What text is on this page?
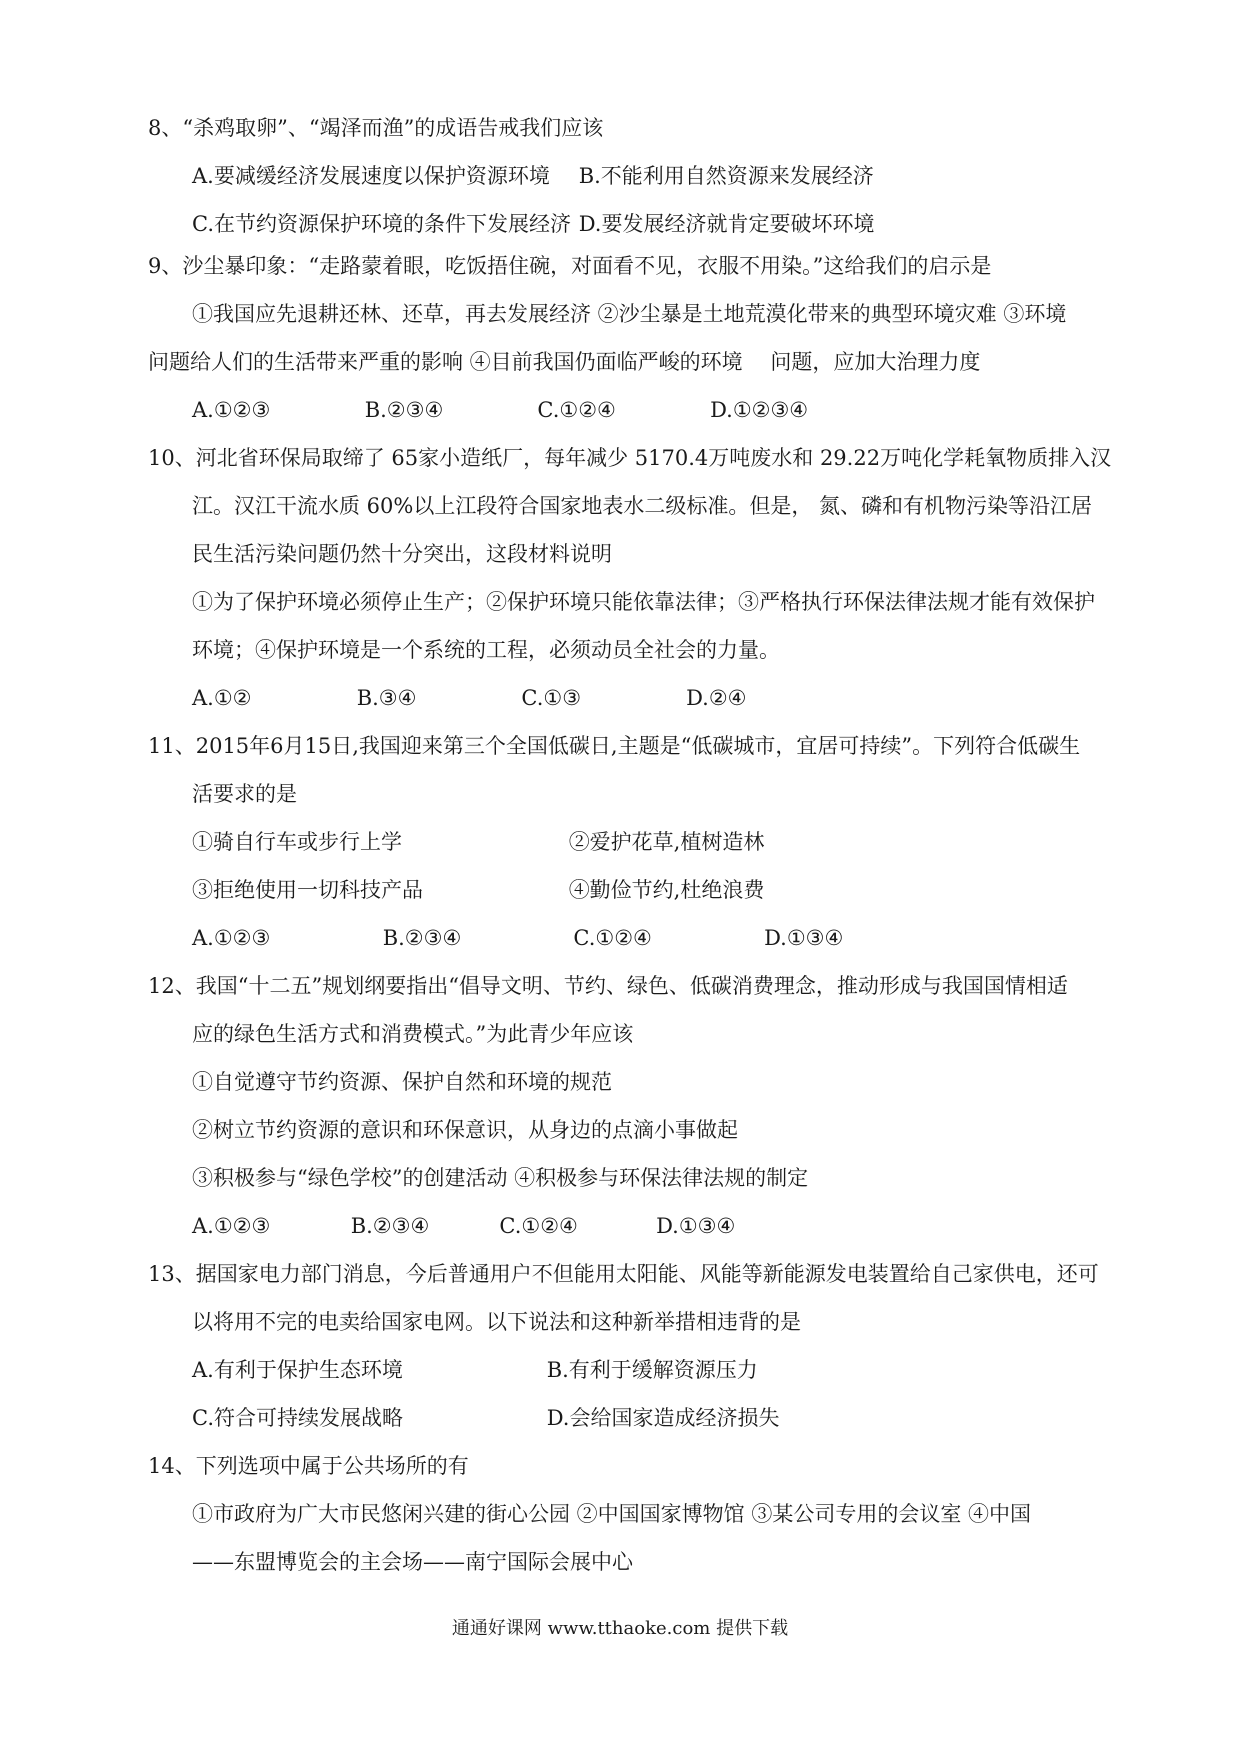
8、“杀鸡取卵”、“竭泽而渔”的成语告戒我们应该
A.要减缓经济发展速度以保护资源环境 B.不能利用自然资源来发展经济
C.在节约资源保护环境的条件下发展经济 D.要发展经济就肯定要破坏环境
9、沙尘暴印象：“走路蒙着眼，吃饭捂住碗，对面看不见，衣服不用染。”这给我们的启示是
①我国应先退耕还林、还草，再去发展经济 ②沙尘暴是土地荒漠化带来的典型环境灾难 ③环境
问题给人们的生活带来严重的影响 ④目前我国仍面临严峻的环境　 问题，应加大治理力度
A.①②③	B.②③④	C.①②④	D.①②③④
10、河北省环保局取缔了 65家小造纸厂，每年减少 5170.4万吨废水和 29.22万吨化学耗氧物质排入汉
江。汉江干流水质 60%以上江段符合国家地表水二级标准。但是， 氮、磷和有机物污染等沿江居
民生活污染问题仍然十分突出，这段材料说明
①为了保护环境必须停止生产；②保护环境只能依靠法律；③严格执行环保法律法规才能有效保护
环境；④保护环境是一个系统的工程，必须动员全社会的力量。
A.①②	B.③④	C.①③	D.②④
11、2015年6月15日,我国迎来第三个全国低碳日,主题是“低碳城市，宜居可持续”。下列符合低碳生
活要求的是
①骑自行车或步行上学	②爱护花草,植树造林
③拒绝使用一切科技产品	④勤俭节约,杜绝浪费
A.①②③	B.②③④	C.①②④	D.①③④
12、我国“十二五”规划纲要指出“倡导文明、节约、绿色、低碳消费理念，推动形成与我国国情相适
应的绿色生活方式和消费模式。”为此青少年应该
①自觉遵守节约资源、保护自然和环境的规范
②树立节约资源的意识和环保意识，从身边的点滴小事做起
③积极参与“绿色学校”的创建活动 ④积极参与环保法律法规的制定
A.①②③	B.②③④	C.①②④	D.①③④
13、据国家电力部门消息，今后普通用户不但能用太阳能、风能等新能源发电装置给自己家供电，还可
以将用不完的电卖给国家电网。以下说法和这种新举措相违背的是
A.有利于保护生态环境	B.有利于缓解资源压力
C.符合可持续发展战略	D.会给国家造成经济损失
14、下列选项中属于公共场所的有
①市政府为广大市民悠闲兴建的街心公园 ②中国国家博物馆 ③某公司专用的会议室 ④中国
——东盟博览会的主会场——南宁国际会展中心
通通好课网 www.tthaoke.com 提供下载
